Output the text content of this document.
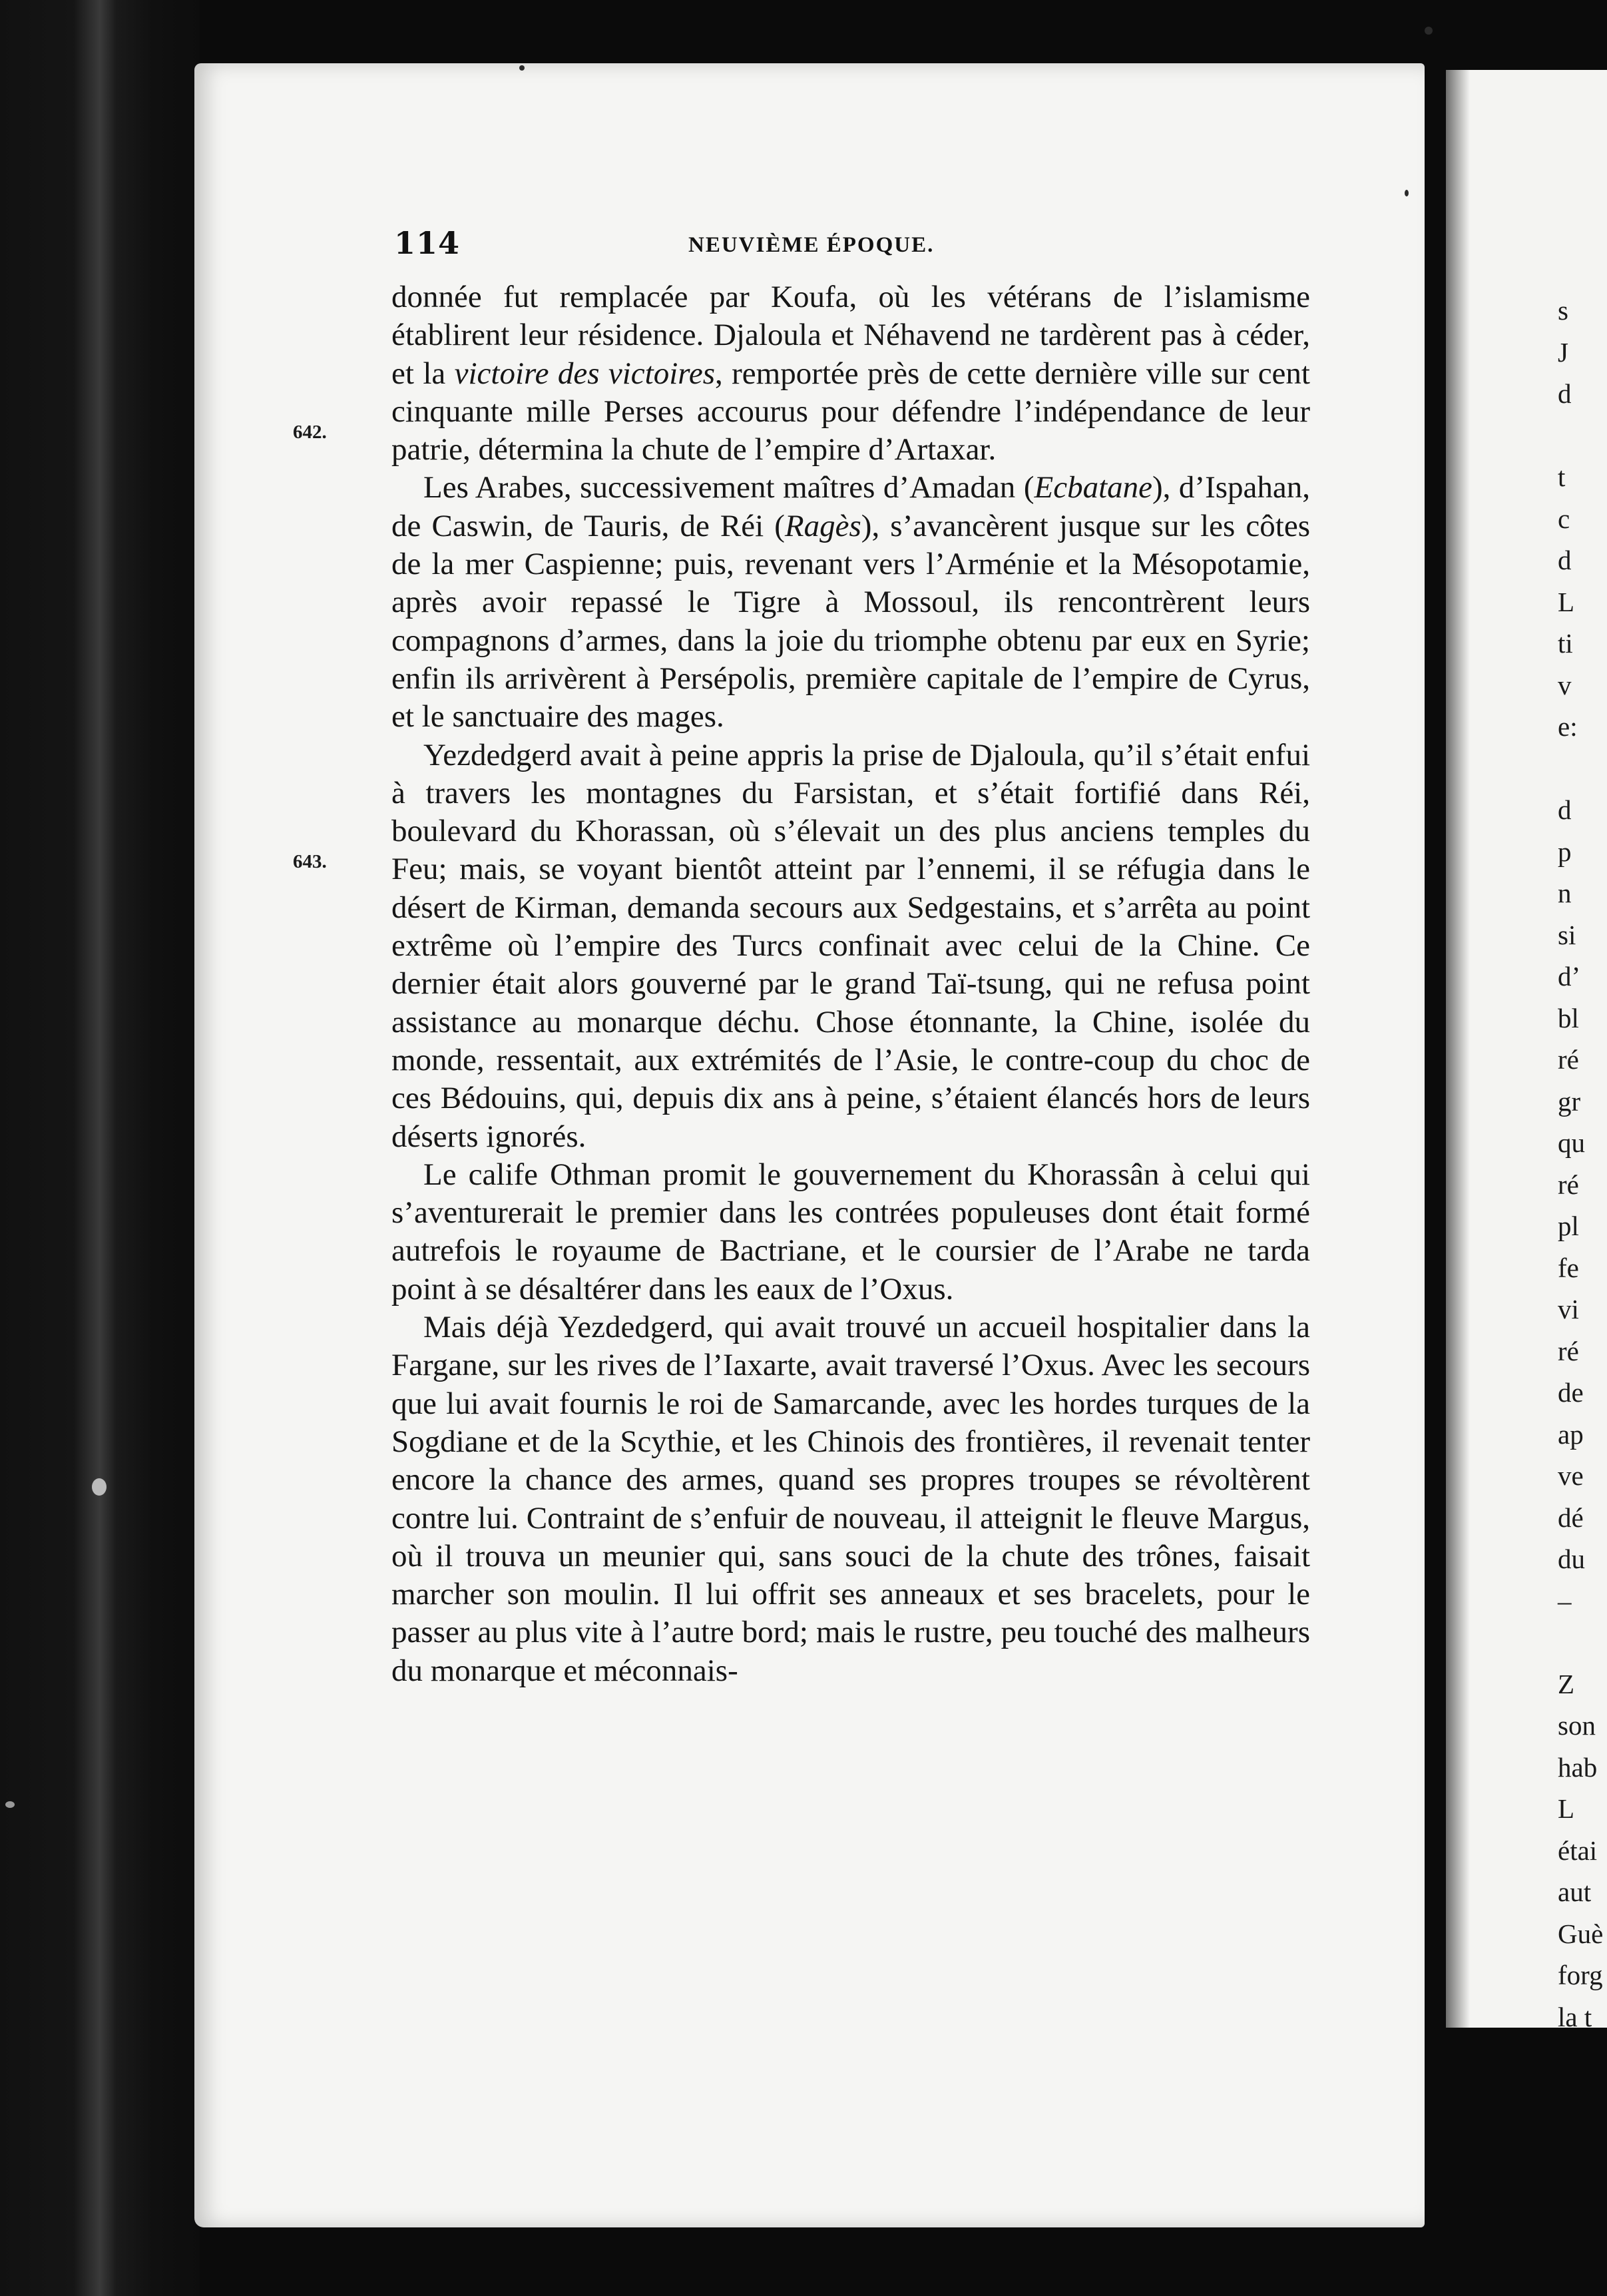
s
J
d
t
c
d
L
ti
v
e:
d
p
n
si
d’
bl
ré
gr
qu
ré
pl
fe
vi
ré
de
ap
ve
dé
du
–
Z
son
hab
L
étai
aut
Guè
forg
la t
114	NEUVIÈME ÉPOQUE.
642.
643.

donnée fut remplacée par Koufa, où les vétérans de l’islamisme établirent leur résidence. Djaloula et Néhavend ne tardèrent pas à céder, et la victoire des victoires, remportée près de cette dernière ville sur cent cinquante mille Perses accourus pour défendre l’indépendance de leur patrie, détermina la chute de l’empire d’Artaxar.

Les Arabes, successivement maîtres d’Amadan (Ecbatane), d’Ispahan, de Caswin, de Tauris, de Réi (Ragès), s’avancèrent jusque sur les côtes de la mer Caspienne; puis, revenant vers l’Arménie et la Mésopotamie, après avoir repassé le Tigre à Mossoul, ils rencontrèrent leurs compagnons d’armes, dans la joie du triomphe obtenu par eux en Syrie; enfin ils arrivèrent à Persépolis, première capitale de l’empire de Cyrus, et le sanctuaire des mages.

Yezdedgerd avait à peine appris la prise de Djaloula, qu’il s’était enfui à travers les montagnes du Farsistan, et s’était fortifié dans Réi, boulevard du Khorassan, où s’élevait un des plus anciens temples du Feu; mais, se voyant bientôt atteint par l’ennemi, il se réfugia dans le désert de Kirman, demanda secours aux Sedgestains, et s’arrêta au point extrême où l’empire des Turcs confinait avec celui de la Chine. Ce dernier était alors gouverné par le grand Taï-tsung, qui ne refusa point assistance au monarque déchu. Chose étonnante, la Chine, isolée du monde, ressentait, aux extrémités de l’Asie, le contre-coup du choc de ces Bédouins, qui, depuis dix ans à peine, s’étaient élancés hors de leurs déserts ignorés.

Le calife Othman promit le gouvernement du Khorassân à celui qui s’aventurerait le premier dans les contrées populeuses dont était formé autrefois le royaume de Bactriane, et le coursier de l’Arabe ne tarda point à se désaltérer dans les eaux de l’Oxus.

Mais déjà Yezdedgerd, qui avait trouvé un accueil hospitalier dans la Fargane, sur les rives de l’Iaxarte, avait traversé l’Oxus. Avec les secours que lui avait fournis le roi de Samarcande, avec les hordes turques de la Sogdiane et de la Scythie, et les Chinois des frontières, il revenait tenter encore la chance des armes, quand ses propres troupes se révoltèrent contre lui. Contraint de s’enfuir de nouveau, il atteignit le fleuve Margus, où il trouva un meunier qui, sans souci de la chute des trônes, faisait marcher son moulin. Il lui offrit ses anneaux et ses bracelets, pour le passer au plus vite à l’autre bord; mais le rustre, peu touché des malheurs du monarque et méconnais-
